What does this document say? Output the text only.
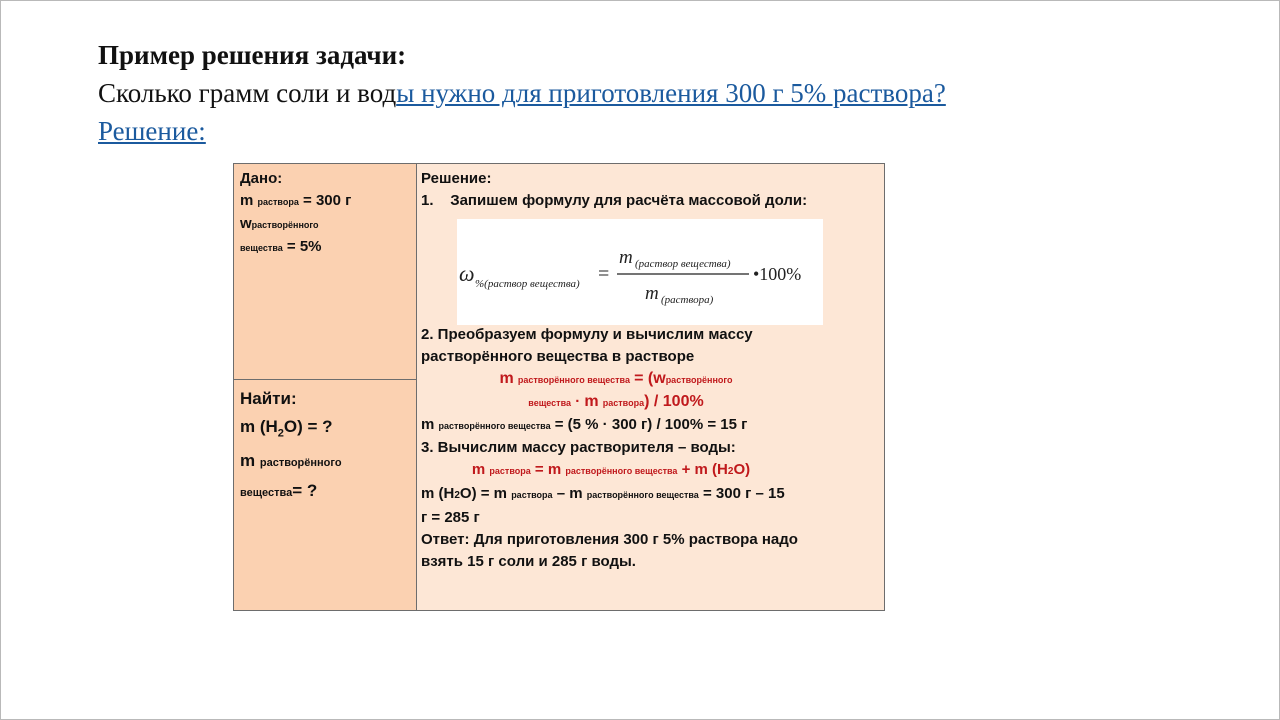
Пример решения задачи:
Сколько грамм соли и воды нужно для приготовления 300 г 5% раствора?
Решение:
Дано:
m раствора = 300 г
wрастворённого
вещества = 5%
Найти:
m $(H_2O)$ = ?
m растворённого
вещества= ?
Решение:
1. Запишем формулу для расчёта массовой доли:
ω %(раствор вещества) =
m (раствор вещества)
m (раствора)
•100%
2. Преобразуем формулу и вычислим массу
растворённого вещества в растворе
m растворённого вещества = (wрастворённого
вещества · m раствора) / 100%
m растворённого вещества = (5 % · 300 г) / 100% = 15 г
3. Вычислим массу растворителя – воды:
m раствора = m растворённого вещества + m (H2O)
m (H2O) = m раствора – m растворённого вещества = 300 г – 15
г = 285 г
Ответ: Для приготовления 300 г 5% раствора надо
взять 15 г соли и 285 г воды.
